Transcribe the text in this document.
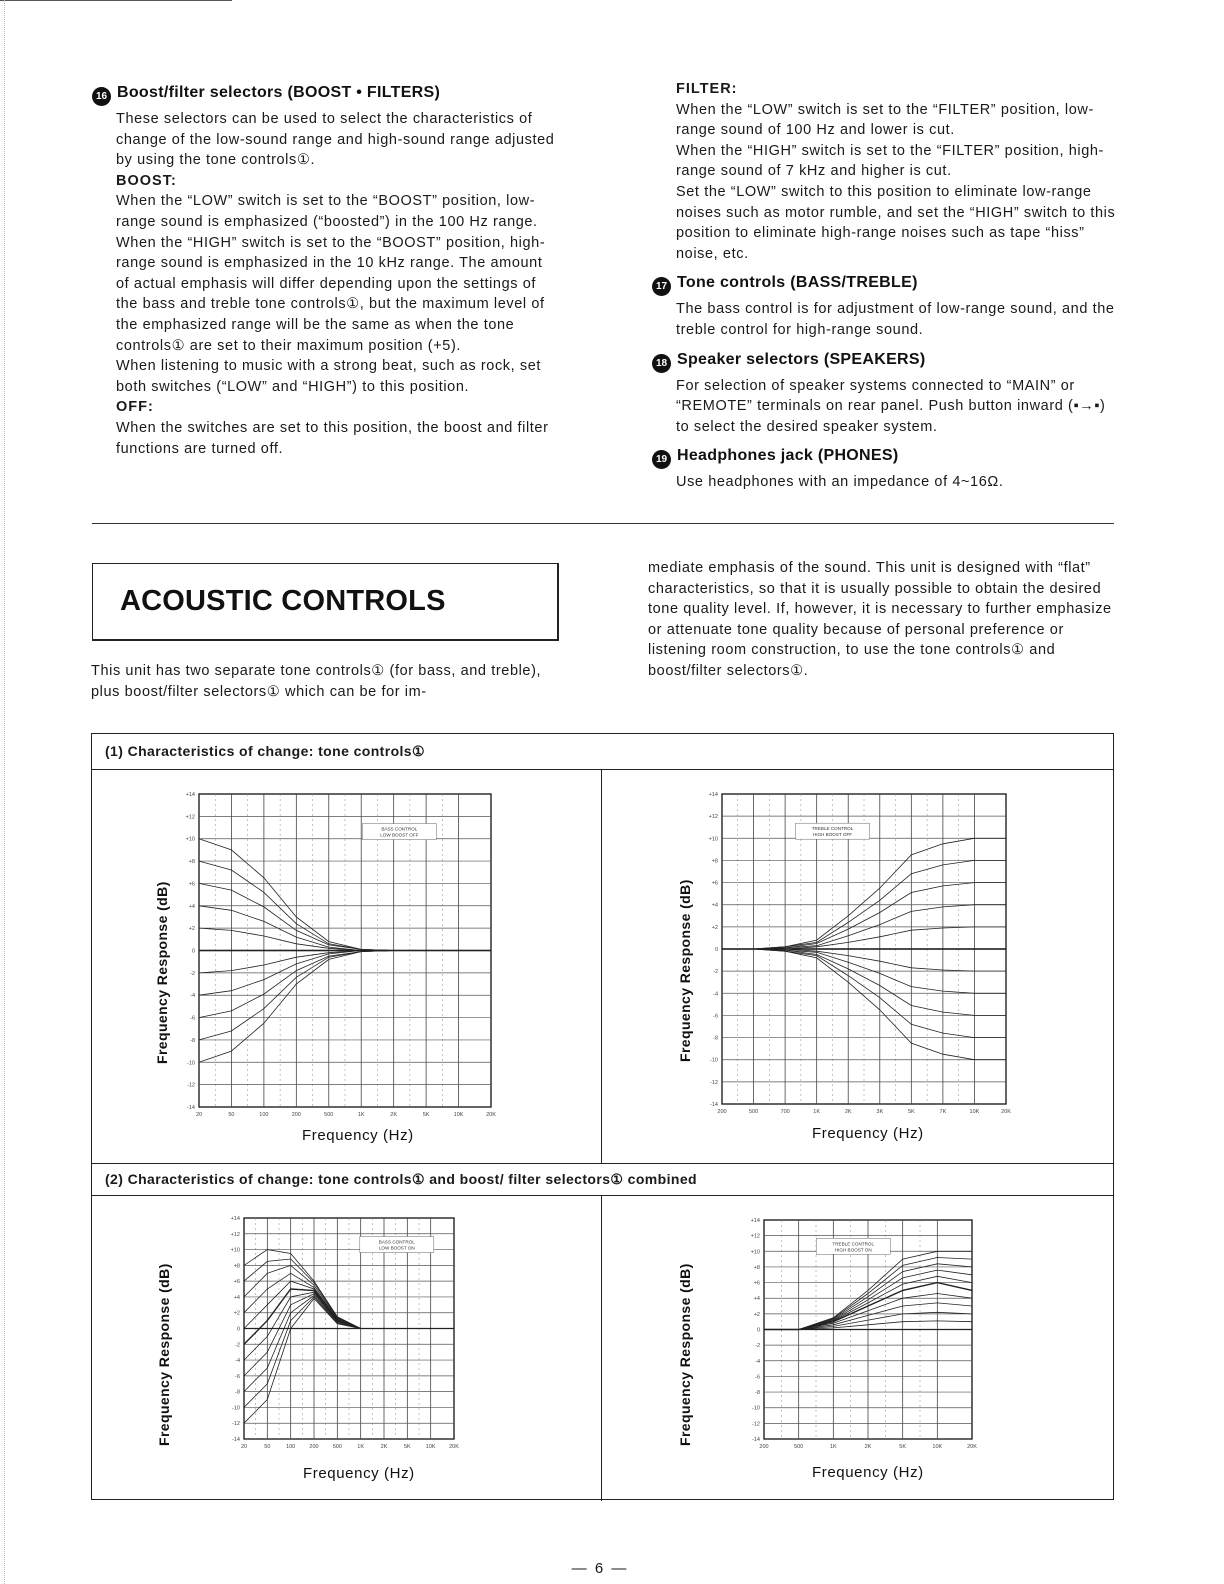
16 Boost/filter selectors (BOOST • FILTERS)

These selectors can be used to select the characteristics of change of the low-sound range and high-sound range adjusted by using the tone controls①.

BOOST:

When the “LOW” switch is set to the “BOOST” position, low-range sound is emphasized (“boosted”) in the 100 Hz range. When the “HIGH” switch is set to the “BOOST” position, high-range sound is emphasized in the 10 kHz range. The amount of actual emphasis will differ depending upon the settings of the bass and treble tone controls①, but the maximum level of the emphasized range will be the same as when the tone controls① are set to their maximum position (+5).

When listening to music with a strong beat, such as rock, set both switches (“LOW” and “HIGH”) to this position.

OFF:

When the switches are set to this position, the boost and filter functions are turned off.

FILTER:

When the “LOW” switch is set to the “FILTER” position, low-range sound of 100 Hz and lower is cut.

When the “HIGH” switch is set to the “FILTER” position, high-range sound of 7 kHz and higher is cut.

Set the “LOW” switch to this position to eliminate low-range noises such as motor rumble, and set the “HIGH” switch to this position to eliminate high-range noises such as tape “hiss” noise, etc.

17 Tone controls (BASS/TREBLE)

The bass control is for adjustment of low-range sound, and the treble control for high-range sound.

18 Speaker selectors (SPEAKERS)

For selection of speaker systems connected to “MAIN” or “REMOTE” terminals on rear panel. Push button inward (▪→▪) to select the desired speaker system.

19 Headphones jack (PHONES)

Use headphones with an impedance of 4~16Ω.

ACOUSTIC CONTROLS

This unit has two separate tone controls① (for bass, and treble), plus boost/filter selectors① which can be for im-

mediate emphasis of the sound. This unit is designed with “flat” characteristics, so that it is usually possible to obtain the desired tone quality level. If, however, it is necessary to further emphasize or attenuate tone quality because of personal preference or listening room construction, to use the tone controls① and boost/filter selectors①.

(1) Characteristics of change: tone controls①
(2) Characteristics of change: tone controls① and boost/ filter selectors① combined
-14
-12
-10
-8
-6
-4
-2
0
+2
+4
+6
+8
+10
+12
+14
20	50	100	200	500	1K	2K	5K	10K	20K
BASS CONTROL
LOW BOOST OFF
Frequency Response (dB)
Frequency (Hz)
-14
-12
-10
-8
-6
-4
-2
0
+2
+4
+6
+8
+10
+12
+14
200	500	700	1K	2K	3K	5K	7K	10K	20K
TREBLE CONTROL
HIGH BOOST OFF
Frequency Response (dB)
Frequency (Hz)
-14
-12
-10
-8
-6
-4
-2
0
+2
+4
+6
+8
+10
+12
+14
20	50	100	200	500	1K	2K	5K	10K 20K
BASS CONTROL
LOW BOOST ON
Frequency Response (dB)
Frequency (Hz)
-14
-12
-10
-8
-6
-4
-2
0
+2
+4
+6
+8
+10
+12
+14
200	500	1K	2K	5K	10K	20K
TREBLE CONTROL
HIGH BOOST ON
Frequency Response (dB)
Frequency (Hz)
— 6 —
